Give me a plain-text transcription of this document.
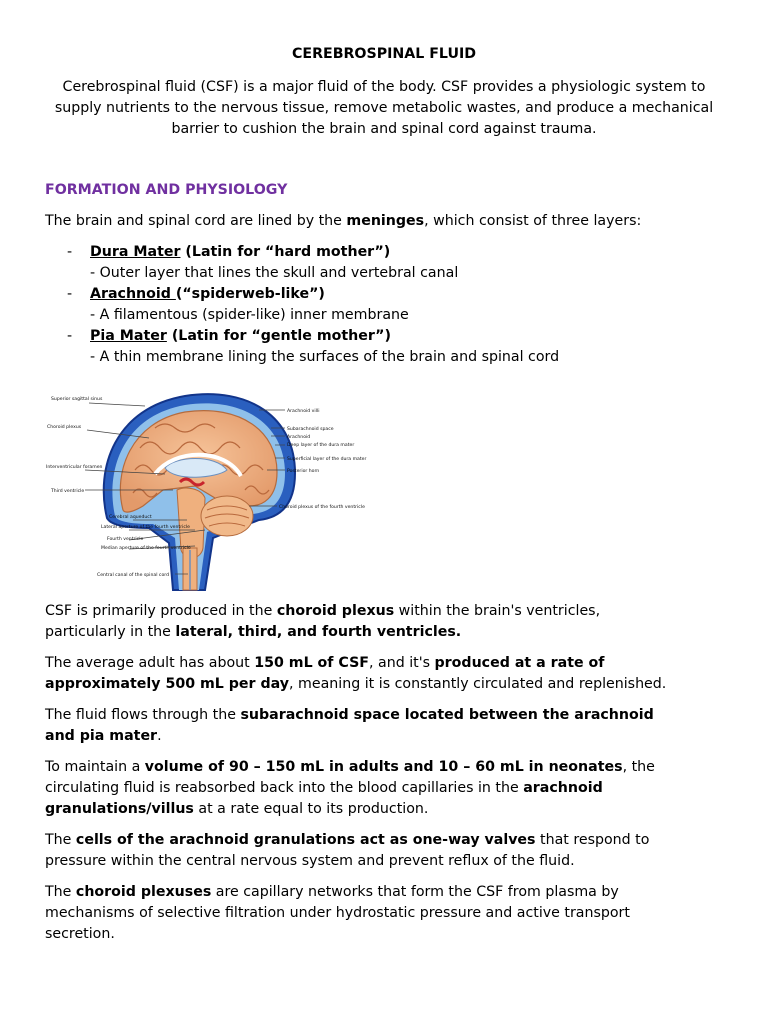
CEREBROSPINAL FLUID
Cerebrospinal fluid (CSF) is a major fluid of the body. CSF provides a physiologic system to supply nutrients to the nervous tissue, remove metabolic wastes, and produce a mechanical barrier to cushion the brain and spinal cord against trauma.
FORMATION AND PHYSIOLOGY
The brain and spinal cord are lined by the meninges, which consist of three layers:
- Dura Mater (Latin for “hard mother”)
- Outer layer that lines the skull and vertebral canal
- Arachnoid (“spiderweb-like”)
- A filamentous (spider-like) inner membrane
- Pia Mater (Latin for “gentle mother”)
- A thin membrane lining the surfaces of the brain and spinal cord
Superior sagittal sinus
Choroid plexus
Interventricular foramen
Third ventricle
Cerebral aqueduct
Lateral aperture of the fourth ventricle
Fourth ventricle
Median aperture of the fourth ventricle
Central canal of the spinal cord
Arachnoid villi
Subarachnoid space
Arachnoid
Deep layer of the dura mater
Superficial layer of the dura mater
Posterior horn
Choroid plexus of the fourth ventricle
CSF is primarily produced in the choroid plexus within the brain's ventricles,
particularly in the lateral, third, and fourth ventricles.
The average adult has about 150 mL of CSF, and it's produced at a rate of
approximately 500 mL per day, meaning it is constantly circulated and replenished.
The fluid flows through the subarachnoid space located between the arachnoid
and pia mater.
To maintain a volume of 90 – 150 mL in adults and 10 – 60 mL in neonates, the
circulating fluid is reabsorbed back into the blood capillaries in the arachnoid
granulations/villus at a rate equal to its production.
The cells of the arachnoid granulations act as one-way valves that respond to
pressure within the central nervous system and prevent reflux of the fluid.
The choroid plexuses are capillary networks that form the CSF from plasma by
mechanisms of selective filtration under hydrostatic pressure and active transport
secretion.
